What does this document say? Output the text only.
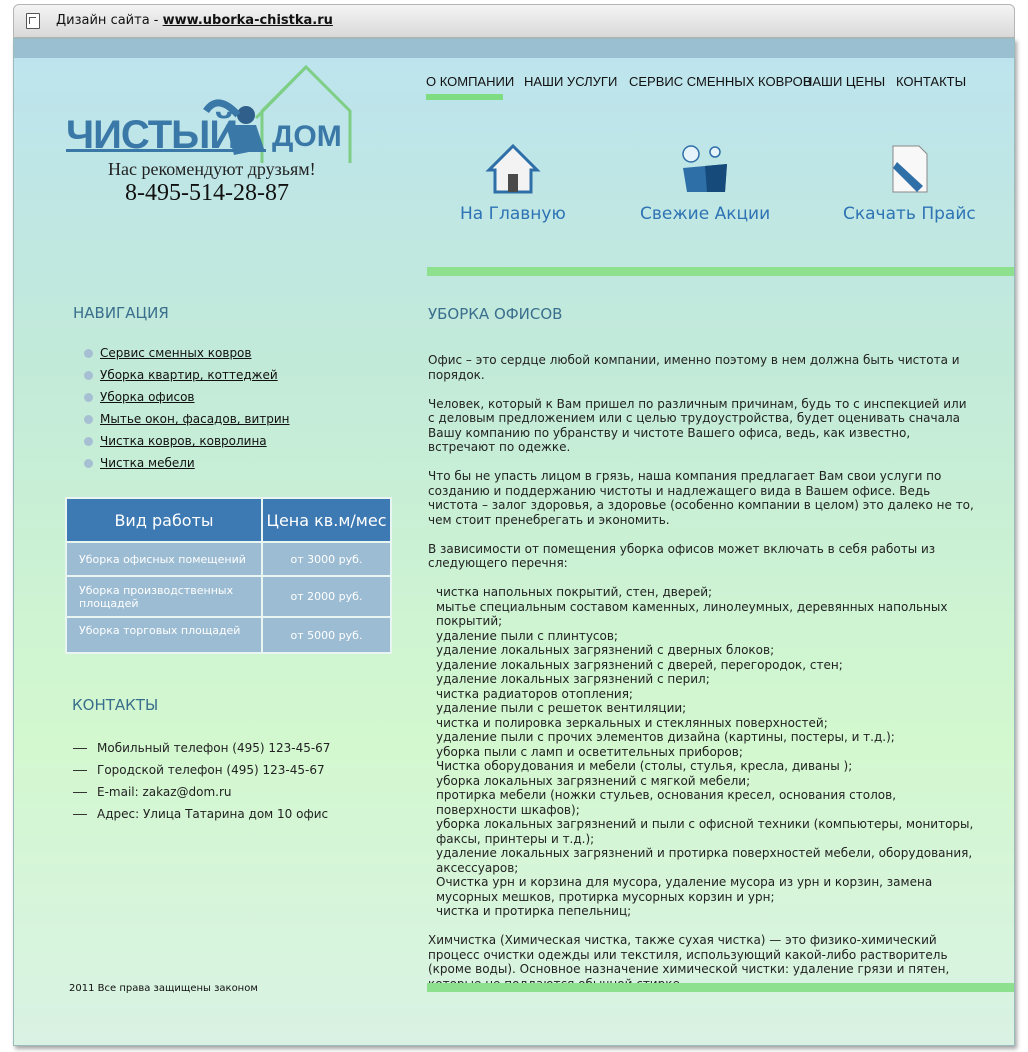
Дизайн сайта - www.uborka-chistka.ru
ЧИСТЫЙ ДОМ
Нас рекомендуют друзьям!
8-495-514-28-87
О КОМПАНИИ НАШИ УСЛУГИ СЕРВИС СМЕННЫХ КОВРОВ
НАШИ ЦЕНЫ КОНТАКТЫ
На Главную	Свежие Акции	Скачать Прайс
НАВИГАЦИЯ
Сервис сменных ковров
Уборка квартир, коттеджей
Уборка офисов
Мытье окон, фасадов, витрин
Чистка ковров, ковролина
Чистка мебели
Вид работы	Цена кв.м/мес
Уборка офисных помещений	от 3000 руб.
Уборка производственных площадей	от 2000 руб.
Уборка торговых площадей	от 5000 руб.
КОНТАКТЫ
Мобильный телефон (495) 123-45-67
Городской телефон (495) 123-45-67
E-mail: zakaz@dom.ru
Адрес: Улица Татарина дом 10 офис
2011 Все права защищены законом
УБОРКА ОФИСОВ

Офис – это сердце любой компании, именно поэтому в нем должна быть чистота и порядок.

Человек, который к Вам пришел по различным причинам, будь то с инспекцией или с деловым предложением или с целью трудоустройства, будет оценивать сначала Вашу компанию по убранству и чистоте Вашего офиса, ведь, как известно, встречают по одежке.

Что бы не упасть лицом в грязь, наша компания предлагает Вам свои услуги по созданию и поддержанию чистоты и надлежащего вида в Вашем офисе. Ведь чистота – залог здоровья, а здоровье (особенно компании в целом) это далеко не то, чем стоит пренебрегать и экономить.

В зависимости от помещения уборка офисов может включать в себя работы из следующего перечня:

чистка напольных покрытий, стен, дверей;
мытье специальным составом каменных, линолеумных, деревянных напольных покрытий;
удаление пыли с плинтусов;
удаление локальных загрязнений с дверных блоков;
удаление локальных загрязнений с дверей, перегородок, стен;
удаление локальных загрязнений с перил;
чистка радиаторов отопления;
удаление пыли с решеток вентиляции;
чистка и полировка зеркальных и стеклянных поверхностей;
удаление пыли с прочих элементов дизайна (картины, постеры, и т.д.);
уборка пыли с ламп и осветительных приборов;
Чистка оборудования и мебели (столы, стулья, кресла, диваны );
уборка локальных загрязнений с мягкой мебели;
протирка мебели (ножки стульев, основания кресел, основания столов, поверхности шкафов);
уборка локальных загрязнений и пыли с офисной техники (компьютеры, мониторы, факсы, принтеры и т.д.);
удаление локальных загрязнений и протирка поверхностей мебели, оборудования, аксессуаров;
Очистка урн и корзина для мусора, удаление мусора из урн и корзин, замена мусорных мешков, протирка мусорных корзин и урн;
чистка и протирка пепельниц;

Химчистка (Химическая чистка, также сухая чистка) — это физико-химический процесс очистки одежды или текстиля, использующий какой-либо растворитель (кроме воды). Основное назначение химической чистки: удаление грязи и пятен,
